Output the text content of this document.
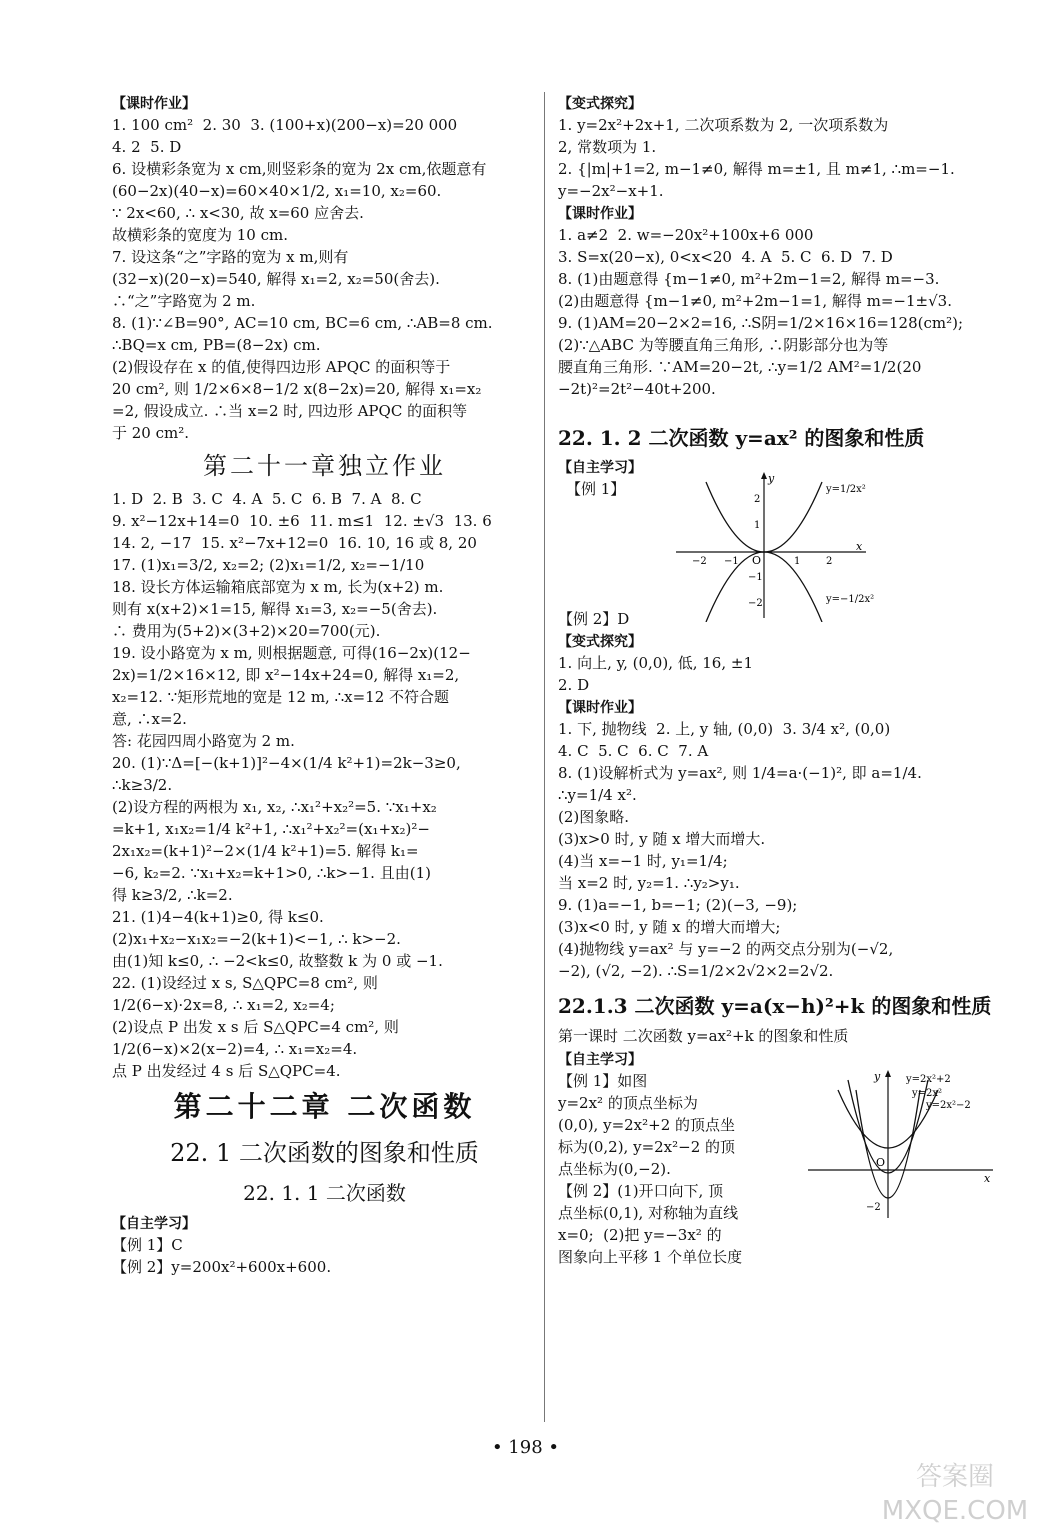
【 课时作业 】
1. 100 cm²  2. 30  3. (100+x)(200−x)=20 000
4. 2  5. D
6. 设横彩条宽为 x cm,则竖彩条的宽为 2x cm,依题意有
(60−2x)(40−x)=60×40×1/2, x₁=10, x₂=60.
∵ 2x<60, ∴ x<30, 故 x=60 应舍去.
故横彩条的宽度为 10 cm.
7. 设这条“之”字路的宽为 x m,则有
(32−x)(20−x)=540, 解得 x₁=2, x₂=50(舍去).
∴“之”字路宽为 2 m.
8. (1)∵∠B=90°, AC=10 cm, BC=6 cm, ∴AB=8 cm.
∴BQ=x cm, PB=(8−2x) cm.
(2)假设存在 x 的值,使得四边形 APQC 的面积等于
20 cm², 则 1/2×6×8−1/2 x(8−2x)=20, 解得 x₁=x₂
=2, 假设成立. ∴当 x=2 时, 四边形 APQC 的面积等
于 20 cm².
第二十一章独立作业
1. D  2. B  3. C  4. A  5. C  6. B  7. A  8. C
9. x²−12x+14=0  10. ±6  11. m≤1  12. ±√3  13. 6
14. 2, −17  15. x²−7x+12=0  16. 10, 16 或 8, 20
17. (1)x₁=3/2, x₂=2; (2)x₁=1/2, x₂=−1/10
18. 设长方体运输箱底部宽为 x m, 长为(x+2) m.
则有 x(x+2)×1=15, 解得 x₁=3, x₂=−5(舍去).
∴ 费用为(5+2)×(3+2)×20=700(元).
19. 设小路宽为 x m, 则根据题意, 可得(16−2x)(12−
2x)=1/2×16×12, 即 x²−14x+24=0, 解得 x₁=2,
x₂=12. ∵矩形荒地的宽是 12 m, ∴x=12 不符合题
意, ∴x=2.
答: 花园四周小路宽为 2 m.
20. (1)∵Δ=[−(k+1)]²−4×(1/4 k²+1)=2k−3≥0,
∴k≥3/2.
(2)设方程的两根为 x₁, x₂, ∴x₁²+x₂²=5. ∵x₁+x₂
=k+1, x₁x₂=1/4 k²+1, ∴x₁²+x₂²=(x₁+x₂)²−
2x₁x₂=(k+1)²−2×(1/4 k²+1)=5. 解得 k₁=
−6, k₂=2. ∵x₁+x₂=k+1>0, ∴k>−1. 且由(1)
得 k≥3/2, ∴k=2.
21. (1)4−4(k+1)≥0, 得 k≤0.
(2)x₁+x₂−x₁x₂=−2(k+1)<−1, ∴ k>−2.
由(1)知 k≤0, ∴ −2<k≤0, 故整数 k 为 0 或 −1.
22. (1)设经过 x s, S△QPC=8 cm², 则
1/2(6−x)·2x=8, ∴ x₁=2, x₂=4;
(2)设点 P 出发 x s 后 S△QPC=4 cm², 则
1/2(6−x)×2(x−2)=4, ∴ x₁=x₂=4.
点 P 出发经过 4 s 后 S△QPC=4.
第二十二章 二次函数
22. 1 二次函数的图象和性质
22. 1. 1 二次函数
【 自主学习 】
【例 1】C
【例 2】y=200x²+600x+600.
【 变式探究 】
1. y=2x²+2x+1, 二次项系数为 2, 一次项系数为
2, 常数项为 1.
2. {|m|+1=2, m−1≠0, 解得 m=±1, 且 m≠1, ∴m=−1.
y=−2x²−x+1.
【 课时作业 】
1. a≠2  2. w=−20x²+100x+6 000
3. S=x(20−x), 0<x<20  4. A  5. C  6. D  7. D
8. (1)由题意得 {m−1≠0, m²+2m−1=2, 解得 m=−3.
(2)由题意得 {m−1≠0, m²+2m−1=1, 解得 m=−1±√3.
9. (1)AM=20−2×2=16, ∴S阴=1/2×16×16=128(cm²);
(2)∵△ABC 为等腰直角三角形, ∴阴影部分也为等
腰直角三角形. ∵AM=20−2t, ∴y=1/2 AM²=1/2(20
−2t)²=2t²−40t+200.
22. 1. 2 二次函数 y=ax² 的图象和性质
【 自主学习 】
【例 1】
x
y
O
−2 −1	1	2
2
1
−1
−2
y=1/2x²
y=−1/2x²
【例 2】D
【 变式探究 】
1. 向上, y, (0,0), 低, 16, ±1
2. D
【 课时作业 】
1. 下, 抛物线  2. 上, y 轴, (0,0)  3. 3/4 x², (0,0)
4. C  5. C  6. C  7. A
8. (1)设解析式为 y=ax², 则 1/4=a·(−1)², 即 a=1/4.
∴y=1/4 x².
(2)图象略.
(3)x>0 时, y 随 x 增大而增大.
(4)当 x=−1 时, y₁=1/4;
当 x=2 时, y₂=1. ∴y₂>y₁.
9. (1)a=−1, b=−1; (2)(−3, −9);
(3)x<0 时, y 随 x 的增大而增大;
(4)抛物线 y=ax² 与 y=−2 的两交点分别为(−√2,
−2), (√2, −2). ∴S=1/2×2√2×2=2√2.
22.1.3 二次函数 y=a(x−h)²+k 的图象和性质
第一课时 二次函数 y=ax²+k 的图象和性质
【 自主学习 】
【例 1】如图
y=2x² 的顶点坐标为
(0,0), y=2x²+2 的顶点坐
标为(0,2), y=2x²−2 的顶
点坐标为(0,−2).
【例 2】(1)开口向下, 顶
点坐标(0,1), 对称轴为直线
x=0;  (2)把 y=−3x² 的
图象向上平移 1 个单位长度
x
y
O
−2
y=2x²+2
y=2x²
y=2x²−2
• 198 •
答案圈 MXQE.COM
